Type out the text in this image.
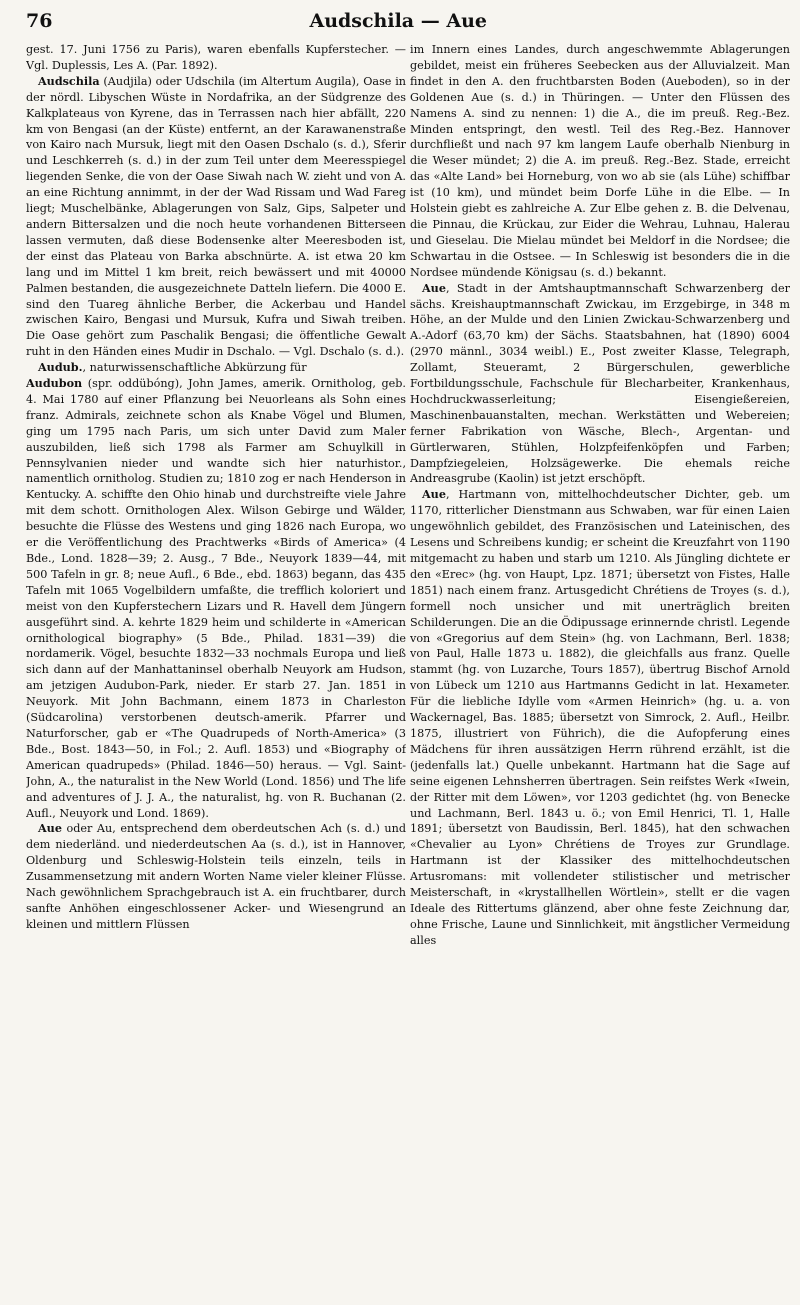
76	Audschila — Aue

gest. 17. Juni 1756 zu Paris), waren ebenfalls Kupferstecher. — Vgl. Duplessis, Les A. (Par. 1892).

Audschila (Audjila) oder Udschila (im Altertum Augila), Oase in der nördl. Libyschen Wüste in Nordafrika, an der Südgrenze des Kalkplateaus von Kyrene, das in Terrassen nach hier abfällt, 220 km von Bengasi (an der Küste) entfernt, an der Karawanenstraße von Kairo nach Mursuk, liegt mit den Oasen Dschalo (s. d.), Sferir und Leschkerreh (s. d.) in der zum Teil unter dem Meeresspiegel liegenden Senke, die von der Oase Siwah nach W. zieht und von A. an eine Richtung annimmt, in der der Wad Rissam und Wad Fareg liegt; Muschelbänke, Ablagerungen von Salz, Gips, Salpeter und andern Bittersalzen und die noch heute vorhandenen Bitterseen lassen vermuten, daß diese Bodensenke alter Meeresboden ist, der einst das Plateau von Barka abschnürte. A. ist etwa 20 km lang und im Mittel 1 km breit, reich bewässert und mit 40000 Palmen bestanden, die ausgezeichnete Datteln liefern. Die 4000 E. sind den Tuareg ähnliche Berber, die Ackerbau und Handel zwischen Kairo, Bengasi und Mursuk, Kufra und Siwah treiben. Die Oase gehört zum Paschalik Bengasi; die öffentliche Gewalt ruht in den Händen eines Mudir in Dschalo. — Vgl. Dschalo (s. d.).

Audub., naturwissenschaftliche Abkürzung für

Audubon (spr. oddübóng), John James, amerik. Ornitholog, geb. 4. Mai 1780 auf einer Pflanzung bei Neuorleans als Sohn eines franz. Admirals, zeichnete schon als Knabe Vögel und Blumen, ging um 1795 nach Paris, um sich unter David zum Maler auszubilden, ließ sich 1798 als Farmer am Schuylkill in Pennsylvanien nieder und wandte sich hier naturhistor., namentlich ornitholog. Studien zu; 1810 zog er nach Henderson in Kentucky. A. schiffte den Ohio hinab und durchstreifte viele Jahre mit dem schott. Ornithologen Alex. Wilson Gebirge und Wälder, besuchte die Flüsse des Westens und ging 1826 nach Europa, wo er die Veröffentlichung des Prachtwerks «Birds of America» (4 Bde., Lond. 1828—39; 2. Ausg., 7 Bde., Neuyork 1839—44, mit 500 Tafeln in gr. 8; neue Aufl., 6 Bde., ebd. 1863) begann, das 435 Tafeln mit 1065 Vogelbildern umfaßte, die trefflich koloriert und meist von den Kupferstechern Lizars und R. Havell dem Jüngern ausgeführt sind. A. kehrte 1829 heim und schilderte in «American ornithological biography» (5 Bde., Philad. 1831—39) die nordamerik. Vögel, besuchte 1832—33 nochmals Europa und ließ sich dann auf der Manhattaninsel oberhalb Neuyork am Hudson, am jetzigen Audubon-Park, nieder. Er starb 27. Jan. 1851 in Neuyork. Mit John Bachmann, einem 1873 in Charleston (Südcarolina) verstorbenen deutsch-amerik. Pfarrer und Naturforscher, gab er «The Quadrupeds of North-America» (3 Bde., Bost. 1843—50, in Fol.; 2. Aufl. 1853) und «Biography of American quadrupeds» (Philad. 1846—50) heraus. — Vgl. Saint-John, A., the naturalist in the New World (Lond. 1856) und The life and adventures of J. J. A., the naturalist, hg. von R. Buchanan (2. Aufl., Neuyork und Lond. 1869).

Aue oder Au, entsprechend dem oberdeutschen Ach (s. d.) und dem niederländ. und niederdeutschen Aa (s. d.), ist in Hannover, Oldenburg und Schleswig-Holstein teils einzeln, teils in Zusammensetzung mit andern Worten Name vieler kleiner Flüsse. Nach gewöhnlichem Sprachgebrauch ist A. ein fruchtbarer, durch sanfte Anhöhen eingeschlossener Acker- und Wiesengrund an kleinen und mittlern Flüssen

im Innern eines Landes, durch angeschwemmte Ablagerungen gebildet, meist ein früheres Seebecken aus der Alluvialzeit. Man findet in den A. den fruchtbarsten Boden (Aueboden), so in der Goldenen Aue (s. d.) in Thüringen. — Unter den Flüssen des Namens A. sind zu nennen: 1) die A., die im preuß. Reg.-Bez. Minden entspringt, den westl. Teil des Reg.-Bez. Hannover durchfließt und nach 97 km langem Laufe oberhalb Nienburg in die Weser mündet; 2) die A. im preuß. Reg.-Bez. Stade, erreicht das «Alte Land» bei Horneburg, von wo ab sie (als Lühe) schiffbar ist (10 km), und mündet beim Dorfe Lühe in die Elbe. — In Holstein giebt es zahlreiche A. Zur Elbe gehen z. B. die Delvenau, die Pinnau, die Krückau, zur Eider die Wehrau, Luhnau, Halerau und Gieselau. Die Mielau mündet bei Meldorf in die Nordsee; die Schwartau in die Ostsee. — In Schleswig ist besonders die in die Nordsee mündende Königsau (s. d.) bekannt.

Aue, Stadt in der Amtshauptmannschaft Schwarzenberg der sächs. Kreishauptmannschaft Zwickau, im Erzgebirge, in 348 m Höhe, an der Mulde und den Linien Zwickau-Schwarzenberg und A.-Adorf (63,70 km) der Sächs. Staatsbahnen, hat (1890) 6004 (2970 männl., 3034 weibl.) E., Post zweiter Klasse, Telegraph, Zollamt, Steueramt, 2 Bürgerschulen, gewerbliche Fortbildungsschule, Fachschule für Blecharbeiter, Krankenhaus, Hochdruckwasserleitung; Eisengießereien, Maschinenbauanstalten, mechan. Werkstätten und Webereien; ferner Fabrikation von Wäsche, Blech-, Argentan- und Gürtlerwaren, Stühlen, Holzpfeifenköpfen und Farben; Dampfziegeleien, Holzsägewerke. Die ehemals reiche Andreasgrube (Kaolin) ist jetzt erschöpft.

Aue, Hartmann von, mittelhochdeutscher Dichter, geb. um 1170, ritterlicher Dienstmann aus Schwaben, war für einen Laien ungewöhnlich gebildet, des Französischen und Lateinischen, des Lesens und Schreibens kundig; er scheint die Kreuzfahrt von 1190 mitgemacht zu haben und starb um 1210. Als Jüngling dichtete er den «Erec» (hg. von Haupt, Lpz. 1871; übersetzt von Fistes, Halle 1851) nach einem franz. Artusgedicht Chrétiens de Troyes (s. d.), formell noch unsicher und mit unerträglich breiten Schilderungen. Die an die Ödipussage erinnernde christl. Legende von «Gregorius auf dem Stein» (hg. von Lachmann, Berl. 1838; von Paul, Halle 1873 u. 1882), die gleichfalls aus franz. Quelle stammt (hg. von Luzarche, Tours 1857), übertrug Bischof Arnold von Lübeck um 1210 aus Hartmanns Gedicht in lat. Hexameter. Für die liebliche Idylle vom «Armen Heinrich» (hg. u. a. von Wackernagel, Bas. 1885; übersetzt von Simrock, 2. Aufl., Heilbr. 1875, illustriert von Führich), die die Aufopferung eines Mädchens für ihren aussätzigen Herrn rührend erzählt, ist die (jedenfalls lat.) Quelle unbekannt. Hartmann hat die Sage auf seine eigenen Lehnsherren übertragen. Sein reifstes Werk «Iwein, der Ritter mit dem Löwen», vor 1203 gedichtet (hg. von Benecke und Lachmann, Berl. 1843 u. ö.; von Emil Henrici, Tl. 1, Halle 1891; übersetzt von Baudissin, Berl. 1845), hat den schwachen «Chevalier au Lyon» Chrétiens de Troyes zur Grundlage. Hartmann ist der Klassiker des mittelhochdeutschen Artusromans: mit vollendeter stilistischer und metrischer Meisterschaft, in «krystallhellen Wörtlein», stellt er die vagen Ideale des Rittertums glänzend, aber ohne feste Zeichnung dar, ohne Frische, Laune und Sinnlichkeit, mit ängstlicher Vermeidung alles
